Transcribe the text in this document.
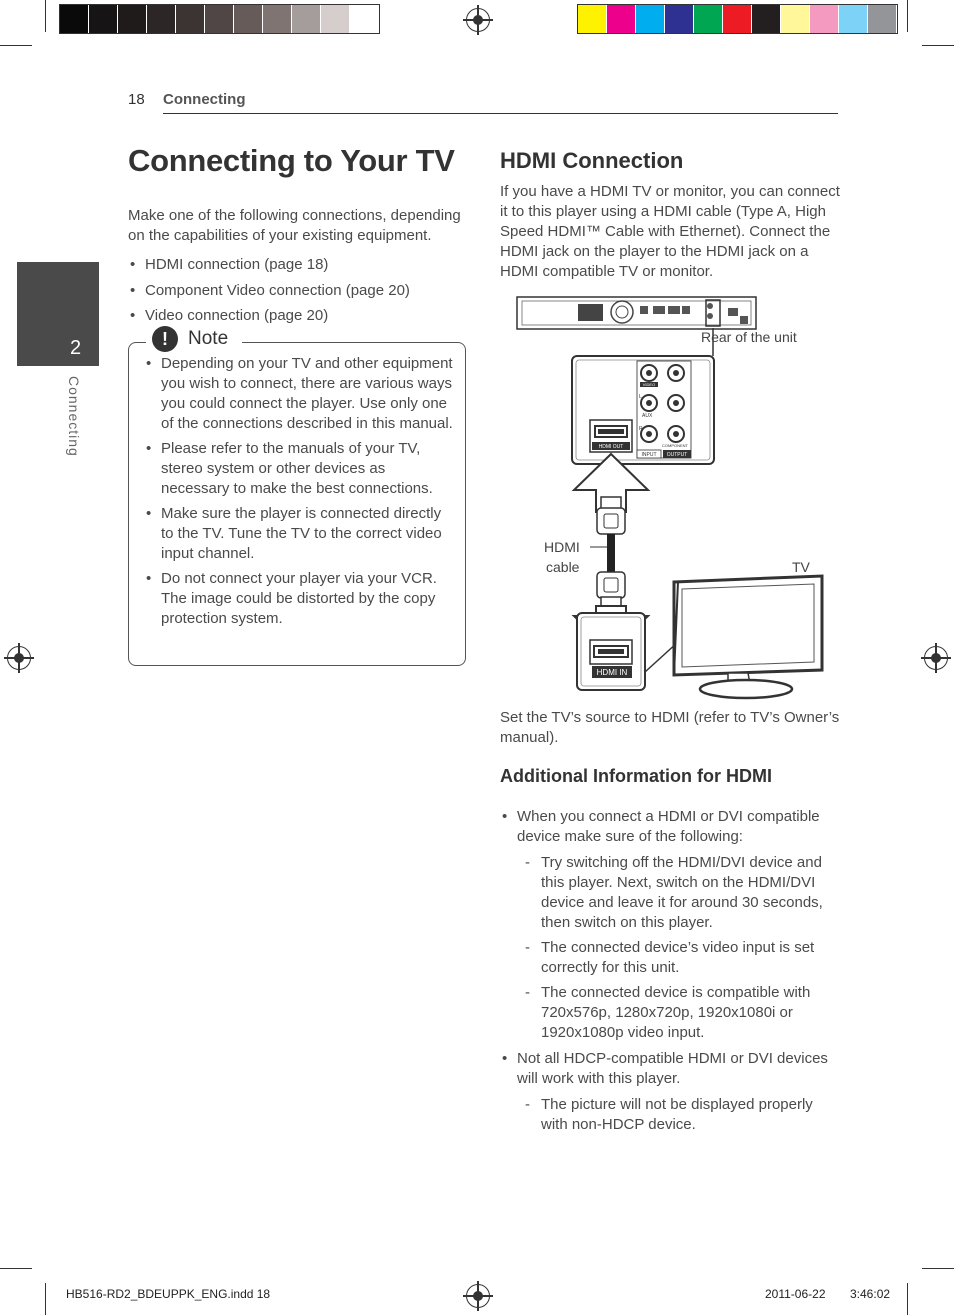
18 Connecting
2
Connecting
Connecting to Your TV
Make one of the following connections, depending on the capabilities of your existing equipment.
• HDMI connection (page 18)
• Component Video connection (page 20)
• Video connection (page 20)
!	Note
• Depending on your TV and other equipment you wish to connect, there are various ways you could connect the player. Use only one of the connections described in this manual.
• Please refer to the manuals of your TV, stereo system or other devices as necessary to make the best connections.
• Make sure the player is connected directly to the TV. Tune the TV to the correct video input channel.
• Do not connect your player via your VCR. The image could be distorted by the copy protection system.
HDMI Connection
If you have a HDMI TV or monitor, you can connect it to this player using a HDMI cable (Type A, High Speed HDMI™ Cable with Ethernet). Connect the HDMI jack on the player to the HDMI jack on a HDMI compatible TV or monitor.
VIDEO
AUX
L
R
COMPONENT
INPUT OUTPUT
HDMI OUT
HDMI IN
Rear of the unit
HDMI
cable	TV
Set the TV’s source to HDMI (refer to TV’s Owner’s manual).
Additional Information for HDMI
• When you connect a HDMI or DVI compatible device make sure of the following:
- Try switching off the HDMI/DVI device and this player. Next, switch on the HDMI/DVI device and leave it for around 30 seconds, then switch on this player.
- The connected device’s video input is set correctly for this unit.
- The connected device is compatible with 720x576p, 1280x720p, 1920x1080i or 1920x1080p video input.
• Not all HDCP-compatible HDMI or DVI devices will work with this player.
- The picture will not be displayed properly with non-HDCP device.
HB516-RD2_BDEUPPK_ENG.indd 18	2011-06-22 3:46:02
